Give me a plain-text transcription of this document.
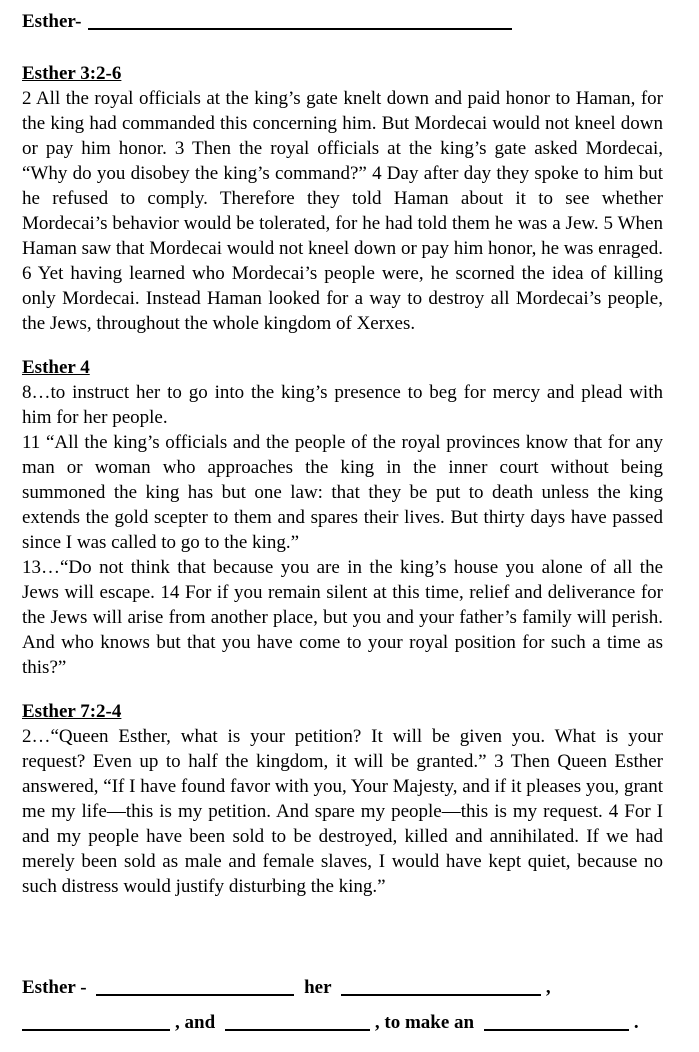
Esther-
Esther 3:2-6

2 All the royal officials at the king’s gate knelt down and paid honor to Haman, for the king had commanded this concerning him. But Mordecai would not kneel down or pay him honor. 3 Then the royal officials at the king’s gate asked Mordecai, “Why do you disobey the king’s command?” 4 Day after day they spoke to him but he refused to comply. Therefore they told Haman about it to see whether Mordecai’s behavior would be tolerated, for he had told them he was a Jew. 5 When Haman saw that Mordecai would not kneel down or pay him honor, he was enraged. 6 Yet having learned who Mordecai’s people were, he scorned the idea of killing only Mordecai. Instead Haman looked for a way to destroy all Mordecai’s people, the Jews, throughout the whole kingdom of Xerxes.

Esther 4

8…to instruct her to go into the king’s presence to beg for mercy and plead with him for her people.

11 “All the king’s officials and the people of the royal provinces know that for any man or woman who approaches the king in the inner court without being summoned the king has but one law: that they be put to death unless the king extends the gold scepter to them and spares their lives. But thirty days have passed since I was called to go to the king.”

13…“Do not think that because you are in the king’s house you alone of all the Jews will escape. 14 For if you remain silent at this time, relief and deliverance for the Jews will arise from another place, but you and your father’s family will perish. And who knows but that you have come to your royal position for such a time as this?”

Esther 7:2-4

2…“Queen Esther, what is your petition? It will be given you. What is your request? Even up to half the kingdom, it will be granted.” 3 Then Queen Esther answered, “If I have found favor with you, Your Majesty, and if it pleases you, grant me my life—this is my petition. And spare my people—this is my request. 4 For I and my people have been sold to be destroyed, killed and annihilated. If we had merely been sold as male and female slaves, I would have kept quiet, because no such distress would justify disturbing the king.”

Esther -	her	,
, and	, to make an	.
